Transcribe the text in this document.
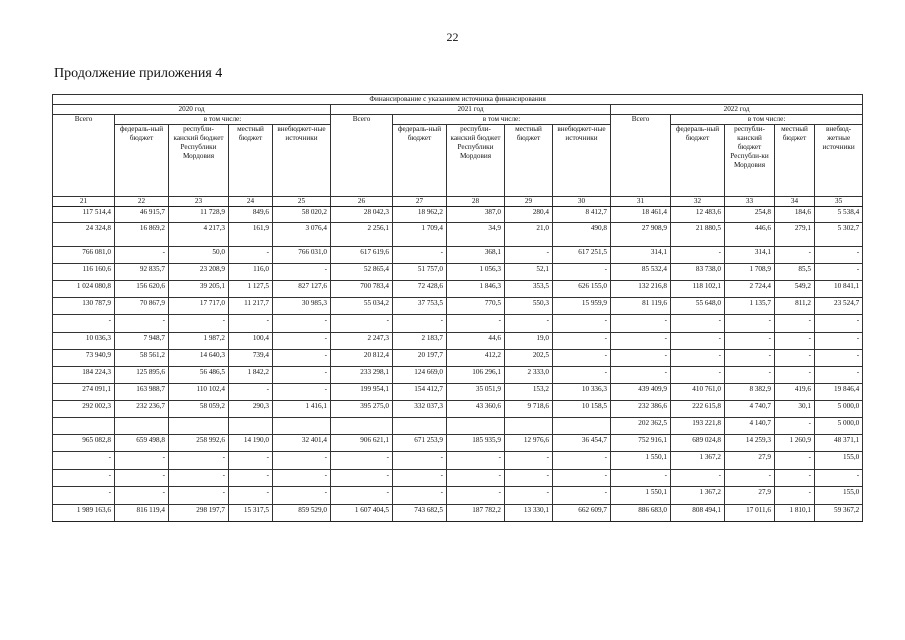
22
Продолжение приложения 4
Финансирование с указанием источника финансирования														
2020 год					2021 год					2022 год				
Всего	в том числе:				Всего	в том числе:				Всего	в том числе:			
	федераль-ный бюджет	республи-канский бюджет Республики Мордовия	местный бюджет	внебюджет-ные источники		федераль-ный бюджет	республи-канский бюджет Республики Мордовия	местный бюджет	внебюджет-ные источники		федераль-ный бюджет	республи-канский бюджет Республи-ки Мордовия	местный бюджет	внебюд-жетные источники
21	22	23	24	25	26	27	28	29	30	31	32	33	34	35
117 514,4	46 915,7	11 728,9	849,6	58 020,2	28 042,3	18 962,2	387,0	280,4	8 412,7	18 461,4	12 483,6	254,8	184,6	5 538,4
24 324,8	16 869,2	4 217,3	161,9	3 076,4	2 256,1	1 709,4	34,9	21,0	490,8	27 908,9	21 880,5	446,6	279,1	5 302,7
766 081,0	-	50,0	-	766 031,0	617 619,6	-	368,1	-	617 251,5	314,1	-	314,1	-	-
116 160,6	92 835,7	23 208,9	116,0	-	52 865,4	51 757,0	1 056,3	52,1	-	85 532,4	83 738,0	1 708,9	85,5	-
1 024 080,8	156 620,6	39 205,1	1 127,5	827 127,6	700 783,4	72 428,6	1 846,3	353,5	626 155,0	132 216,8	118 102,1	2 724,4	549,2	10 841,1
130 787,9	70 867,9	17 717,0	11 217,7	30 985,3	55 034,2	37 753,5	770,5	550,3	15 959,9	81 119,6	55 648,0	1 135,7	811,2	23 524,7
-	-	-	-	-	-	-	-	-	-	-	-	-	-	-
10 036,3	7 948,7	1 987,2	100,4	-	2 247,3	2 183,7	44,6	19,0	-	-	-	-	-	-
73 940,9	58 561,2	14 640,3	739,4	-	20 812,4	20 197,7	412,2	202,5	-	-	-	-	-	-
184 224,3	125 895,6	56 486,5	1 842,2	-	233 298,1	124 669,0	106 296,1	2 333,0	-	-	-	-	-	-
274 091,1	163 988,7	110 102,4	-	-	199 954,1	154 412,7	35 051,9	153,2	10 336,3	439 409,9	410 761,0	8 382,9	419,6	19 846,4
292 002,3	232 236,7	58 059,2	290,3	1 416,1	395 275,0	332 037,3	43 360,6	9 718,6	10 158,5	232 386,6	222 615,8	4 740,7	30,1	5 000,0
										202 362,5	193 221,8	4 140,7	-	5 000,0
965 082,8	659 498,8	258 992,6	14 190,0	32 401,4	906 621,1	671 253,9	185 935,9	12 976,6	36 454,7	752 916,1	689 024,8	14 259,3	1 260,9	48 371,1
-	-	-	-	-	-	-	-	-	-	1 550,1	1 367,2	27,9	-	155,0
-	-	-	-	-	-	-	-	-	-	-	-	-	-	-
-	-	-	-	-	-	-	-	-	-	1 550,1	1 367,2	27,9	-	155,0
1 989 163,6	816 119,4	298 197,7	15 317,5	859 529,0	1 607 404,5	743 682,5	187 782,2	13 330,1	662 609,7	886 683,0	808 494,1	17 011,6	1 810,1	59 367,2
